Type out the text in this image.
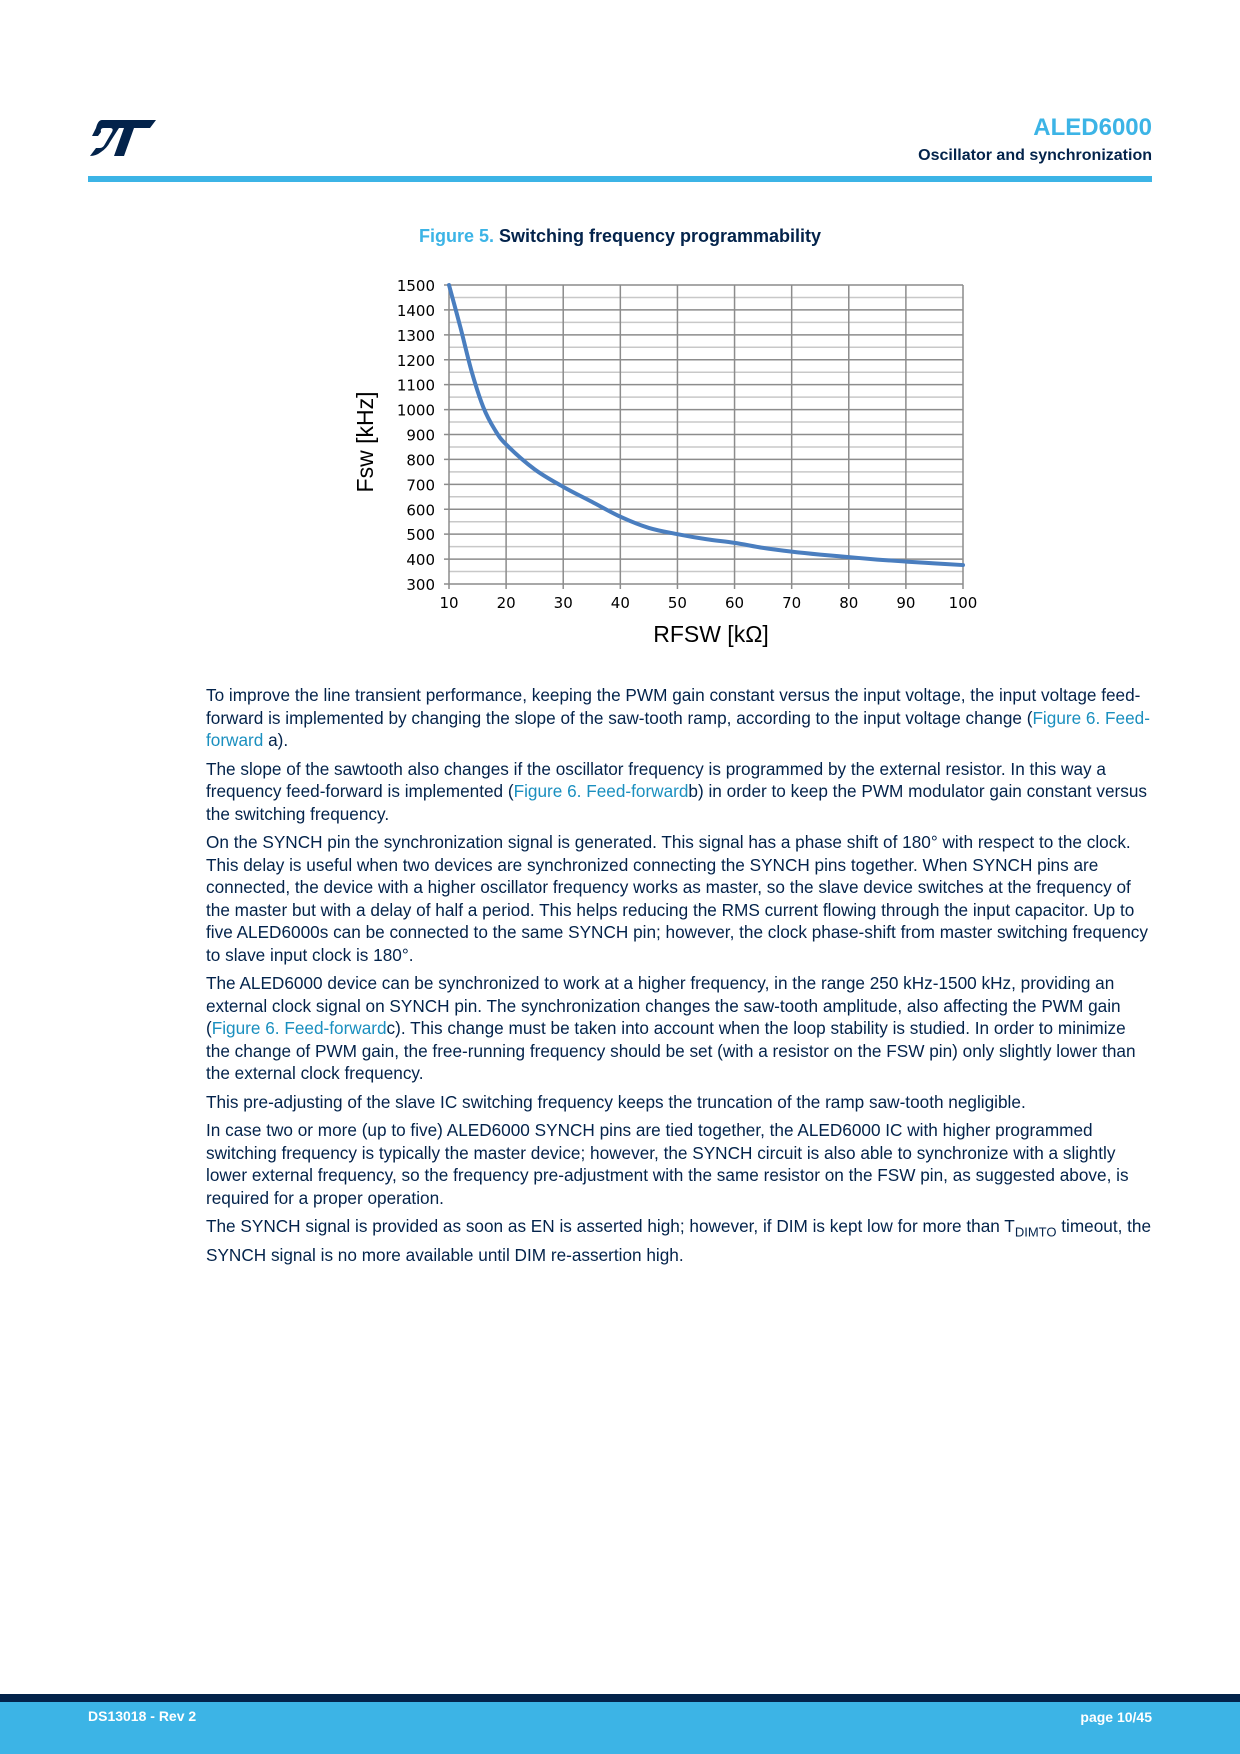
ALED6000
Oscillator and synchronization
Figure 5. Switching frequency programmability
300
400
500
600
700
800
900
1000
1100
1200
1300
1400
1500
10	20	30	40	50	60	70	80	90 100
RFSW [kΩ]
Fsw [kHz]

To improve the line transient performance, keeping the PWM gain constant versus the input voltage, the input voltage feed-forward is implemented by changing the slope of the saw-tooth ramp, according to the input voltage change (Figure 6. Feed-forward a).

The slope of the sawtooth also changes if the oscillator frequency is programmed by the external resistor. In this way a frequency feed-forward is implemented (Figure 6. Feed-forwardb) in order to keep the PWM modulator gain constant versus the switching frequency.

On the SYNCH pin the synchronization signal is generated. This signal has a phase shift of 180° with respect to the clock. This delay is useful when two devices are synchronized connecting the SYNCH pins together. When SYNCH pins are connected, the device with a higher oscillator frequency works as master, so the slave device switches at the frequency of the master but with a delay of half a period. This helps reducing the RMS current flowing through the input capacitor. Up to five ALED6000s can be connected to the same SYNCH pin; however, the clock phase-shift from master switching frequency to slave input clock is 180°.

The ALED6000 device can be synchronized to work at a higher frequency, in the range 250 kHz-1500 kHz, providing an external clock signal on SYNCH pin. The synchronization changes the saw-tooth amplitude, also affecting the PWM gain (Figure 6. Feed-forwardc). This change must be taken into account when the loop stability is studied. In order to minimize the change of PWM gain, the free-running frequency should be set (with a resistor on the FSW pin) only slightly lower than the external clock frequency.

This pre-adjusting of the slave IC switching frequency keeps the truncation of the ramp saw-tooth negligible.

In case two or more (up to five) ALED6000 SYNCH pins are tied together, the ALED6000 IC with higher programmed switching frequency is typically the master device; however, the SYNCH circuit is also able to synchronize with a slightly lower external frequency, so the frequency pre-adjustment with the same resistor on the FSW pin, as suggested above, is required for a proper operation.

The SYNCH signal is provided as soon as EN is asserted high; however, if DIM is kept low for more than $T_{DIMTO}$ timeout, the SYNCH signal is no more available until DIM re-assertion high.

DS13018 - Rev 2	page 10/45
